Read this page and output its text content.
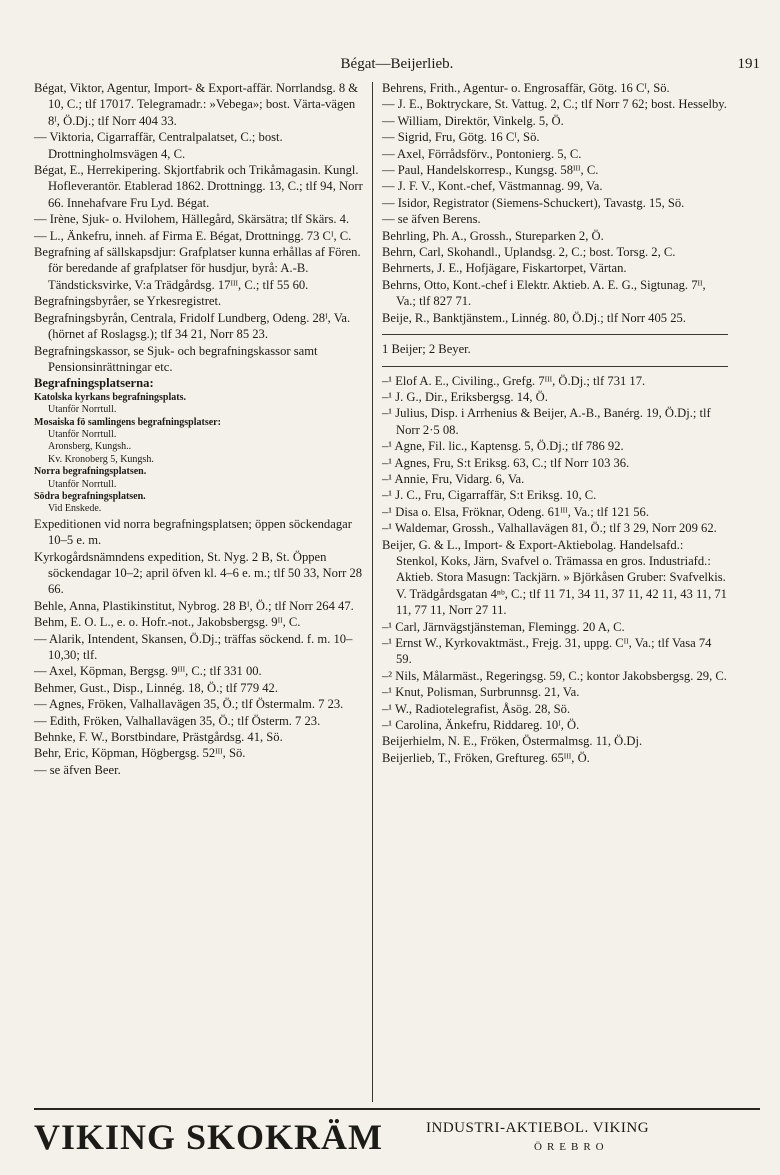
Bégat—Beijerlieb.	191

Bégat, Viktor, Agentur, Import- & Export-affär. Norrlandsg. 8 & 10, C.; tlf 17017. Telegramadr.: »Vebega»; bost. Värta-vägen 8ᴵ, Ö.Dj.; tlf Norr 404 33.

— Viktoria, Cigarraffär, Centralpalatset, C.; bost. Drottningholmsvägen 4, C.

Bégat, E., Herrekipering. Skjortfabrik och Trikåmagasin. Kungl. Hofleverantör. Etablerad 1862. Drottningg. 13, C.; tlf 94, Norr 66. Innehafvare Fru Lyd. Bégat.

— Irène, Sjuk- o. Hvilohem, Hällegård, Skärsätra; tlf Skärs. 4.

— L., Änkefru, inneh. af Firma E. Bégat, Drottningg. 73 Cᴵ, C.

Begrafning af sällskapsdjur: Grafplatser kunna erhållas af Fören. för beredande af grafplatser för husdjur, byrå: A.-B. Tändsticksvirke, V:a Trädgårdsg. 17ᴵᴵᴵ, C.; tlf 55 60.

Begrafningsbyråer, se Yrkesregistret.

Begrafningsbyrån, Centrala, Fridolf Lundberg, Odeng. 28ᴵ, Va. (hörnet af Roslagsg.); tlf 34 21, Norr 85 23.

Begrafningskassor, se Sjuk- och begrafningskassor samt Pensionsinrättningar etc.

Begrafningsplatserna:

Katolska kyrkans begrafningsplats.

Utanför Norrtull.

Mosaiska fö samlingens begrafningsplatser:

Utanför Norrtull.

Aronsberg, Kungsh..

Kv. Kronoberg 5, Kungsh.

Norra begrafningsplatsen.

Utanför Norrtull.

Södra begrafningsplatsen.

Vid Enskede.

Expeditionen vid norra begrafningsplatsen; öppen söckendagar 10–5 e. m.

Kyrkogårdsnämndens expedition, St. Nyg. 2 B, St. Öppen söckendagar 10–2; april öfven kl. 4–6 e. m.; tlf 50 33, Norr 28 66.

Behle, Anna, Plastikinstitut, Nybrog. 28 Bᴵ, Ö.; tlf Norr 264 47.

Behm, E. O. L., e. o. Hofr.-not., Jakobsbergsg. 9ᴵᴵ, C.

— Alarik, Intendent, Skansen, Ö.Dj.; träffas söckend. f. m. 10–10,30; tlf.

— Axel, Köpman, Bergsg. 9ᴵᴵᴵ, C.; tlf 331 00.

Behmer, Gust., Disp., Linnég. 18, Ö.; tlf 779 42.

— Agnes, Fröken, Valhallavägen 35, Ö.; tlf Östermalm. 7 23.

— Edith, Fröken, Valhallavägen 35, Ö.; tlf Österm. 7 23.

Behnke, F. W., Borstbindare, Prästgårdsg. 41, Sö.

Behr, Eric, Köpman, Högbergsg. 52ᴵᴵᴵ, Sö.

— se äfven Beer.

Behrens, Frith., Agentur- o. Engrosaffär, Götg. 16 Cᴵ, Sö.

— J. E., Boktryckare, St. Vattug. 2, C.; tlf Norr 7 62; bost. Hesselby.

— William, Direktör, Vinkelg. 5, Ö.

— Sigrid, Fru, Götg. 16 Cᴵ, Sö.

— Axel, Förrådsförv., Pontonierg. 5, C.

— Paul, Handelskorresp., Kungsg. 58ᴵᴵᴵ, C.

— J. F. V., Kont.-chef, Västmannag. 99, Va.

— Isidor, Registrator (Siemens-Schuckert), Tavastg. 15, Sö.

— se äfven Berens.

Behrling, Ph. A., Grossh., Stureparken 2, Ö.

Behrn, Carl, Skohandl., Uplandsg. 2, C.; bost. Torsg. 2, C.

Behrnerts, J. E., Hofjägare, Fiskartorpet, Värtan.

Behrns, Otto, Kont.-chef i Elektr. Aktieb. A. E. G., Sigtunag. 7ᴵᴵ, Va.; tlf 827 71.

Beije, R., Banktjänstem., Linnég. 80, Ö.Dj.; tlf Norr 405 25.

1 Beijer; 2 Beyer.

–¹ Elof A. E., Civiling., Grefg. 7ᴵᴵᴵ, Ö.Dj.; tlf 731 17.

–¹ J. G., Dir., Eriksbergsg. 14, Ö.

–¹ Julius, Disp. i Arrhenius & Beijer, A.-B., Banérg. 19, Ö.Dj.; tlf Norr 2·5 08.

–¹ Agne, Fil. lic., Kaptensg. 5, Ö.Dj.; tlf 786 92.

–¹ Agnes, Fru, S:t Eriksg. 63, C.; tlf Norr 103 36.

–¹ Annie, Fru, Vidarg. 6, Va.

–¹ J. C., Fru, Cigarraffär, S:t Eriksg. 10, C.

–¹ Disa o. Elsa, Fröknar, Odeng. 61ᴵᴵᴵ, Va.; tlf 121 56.

–¹ Waldemar, Grossh., Valhallavägen 81, Ö.; tlf 3 29, Norr 209 62.

Beijer, G. & L., Import- & Export-Aktiebolag. Handelsafd.: Stenkol, Koks, Järn, Svafvel o. Trämassa en gros. Industriafd.: Aktieb. Stora Masugn: Tackjärn. » Björkåsen Gruber: Svafvelkis. V. Trädgårdsgatan 4ⁿᵇ, C.; tlf 11 71, 34 11, 37 11, 42 11, 43 11, 71 11, 77 11, Norr 27 11.

–¹ Carl, Järnvägstjänsteman, Flemingg. 20 A, C.

–¹ Ernst W., Kyrkovaktmäst., Frejg. 31, uppg. Cᴵᴵ, Va.; tlf Vasa 74 59.

–² Nils, Målarmäst., Regeringsg. 59, C.; kontor Jakobsbergsg. 29, C.

–¹ Knut, Polisman, Surbrunnsg. 21, Va.

–¹ W., Radiotelegrafist, Åsög. 28, Sö.

–¹ Carolina, Änkefru, Riddareg. 10ᴵ, Ö.

Beijerhielm, N. E., Fröken, Östermalmsg. 11, Ö.Dj.

Beijerlieb, T., Fröken, Greftureg. 65ᴵᴵᴵ, Ö.

VIKING SKOKRÄM	INDUSTRI-AKTIEBOL. VIKING
ÖREBRO
